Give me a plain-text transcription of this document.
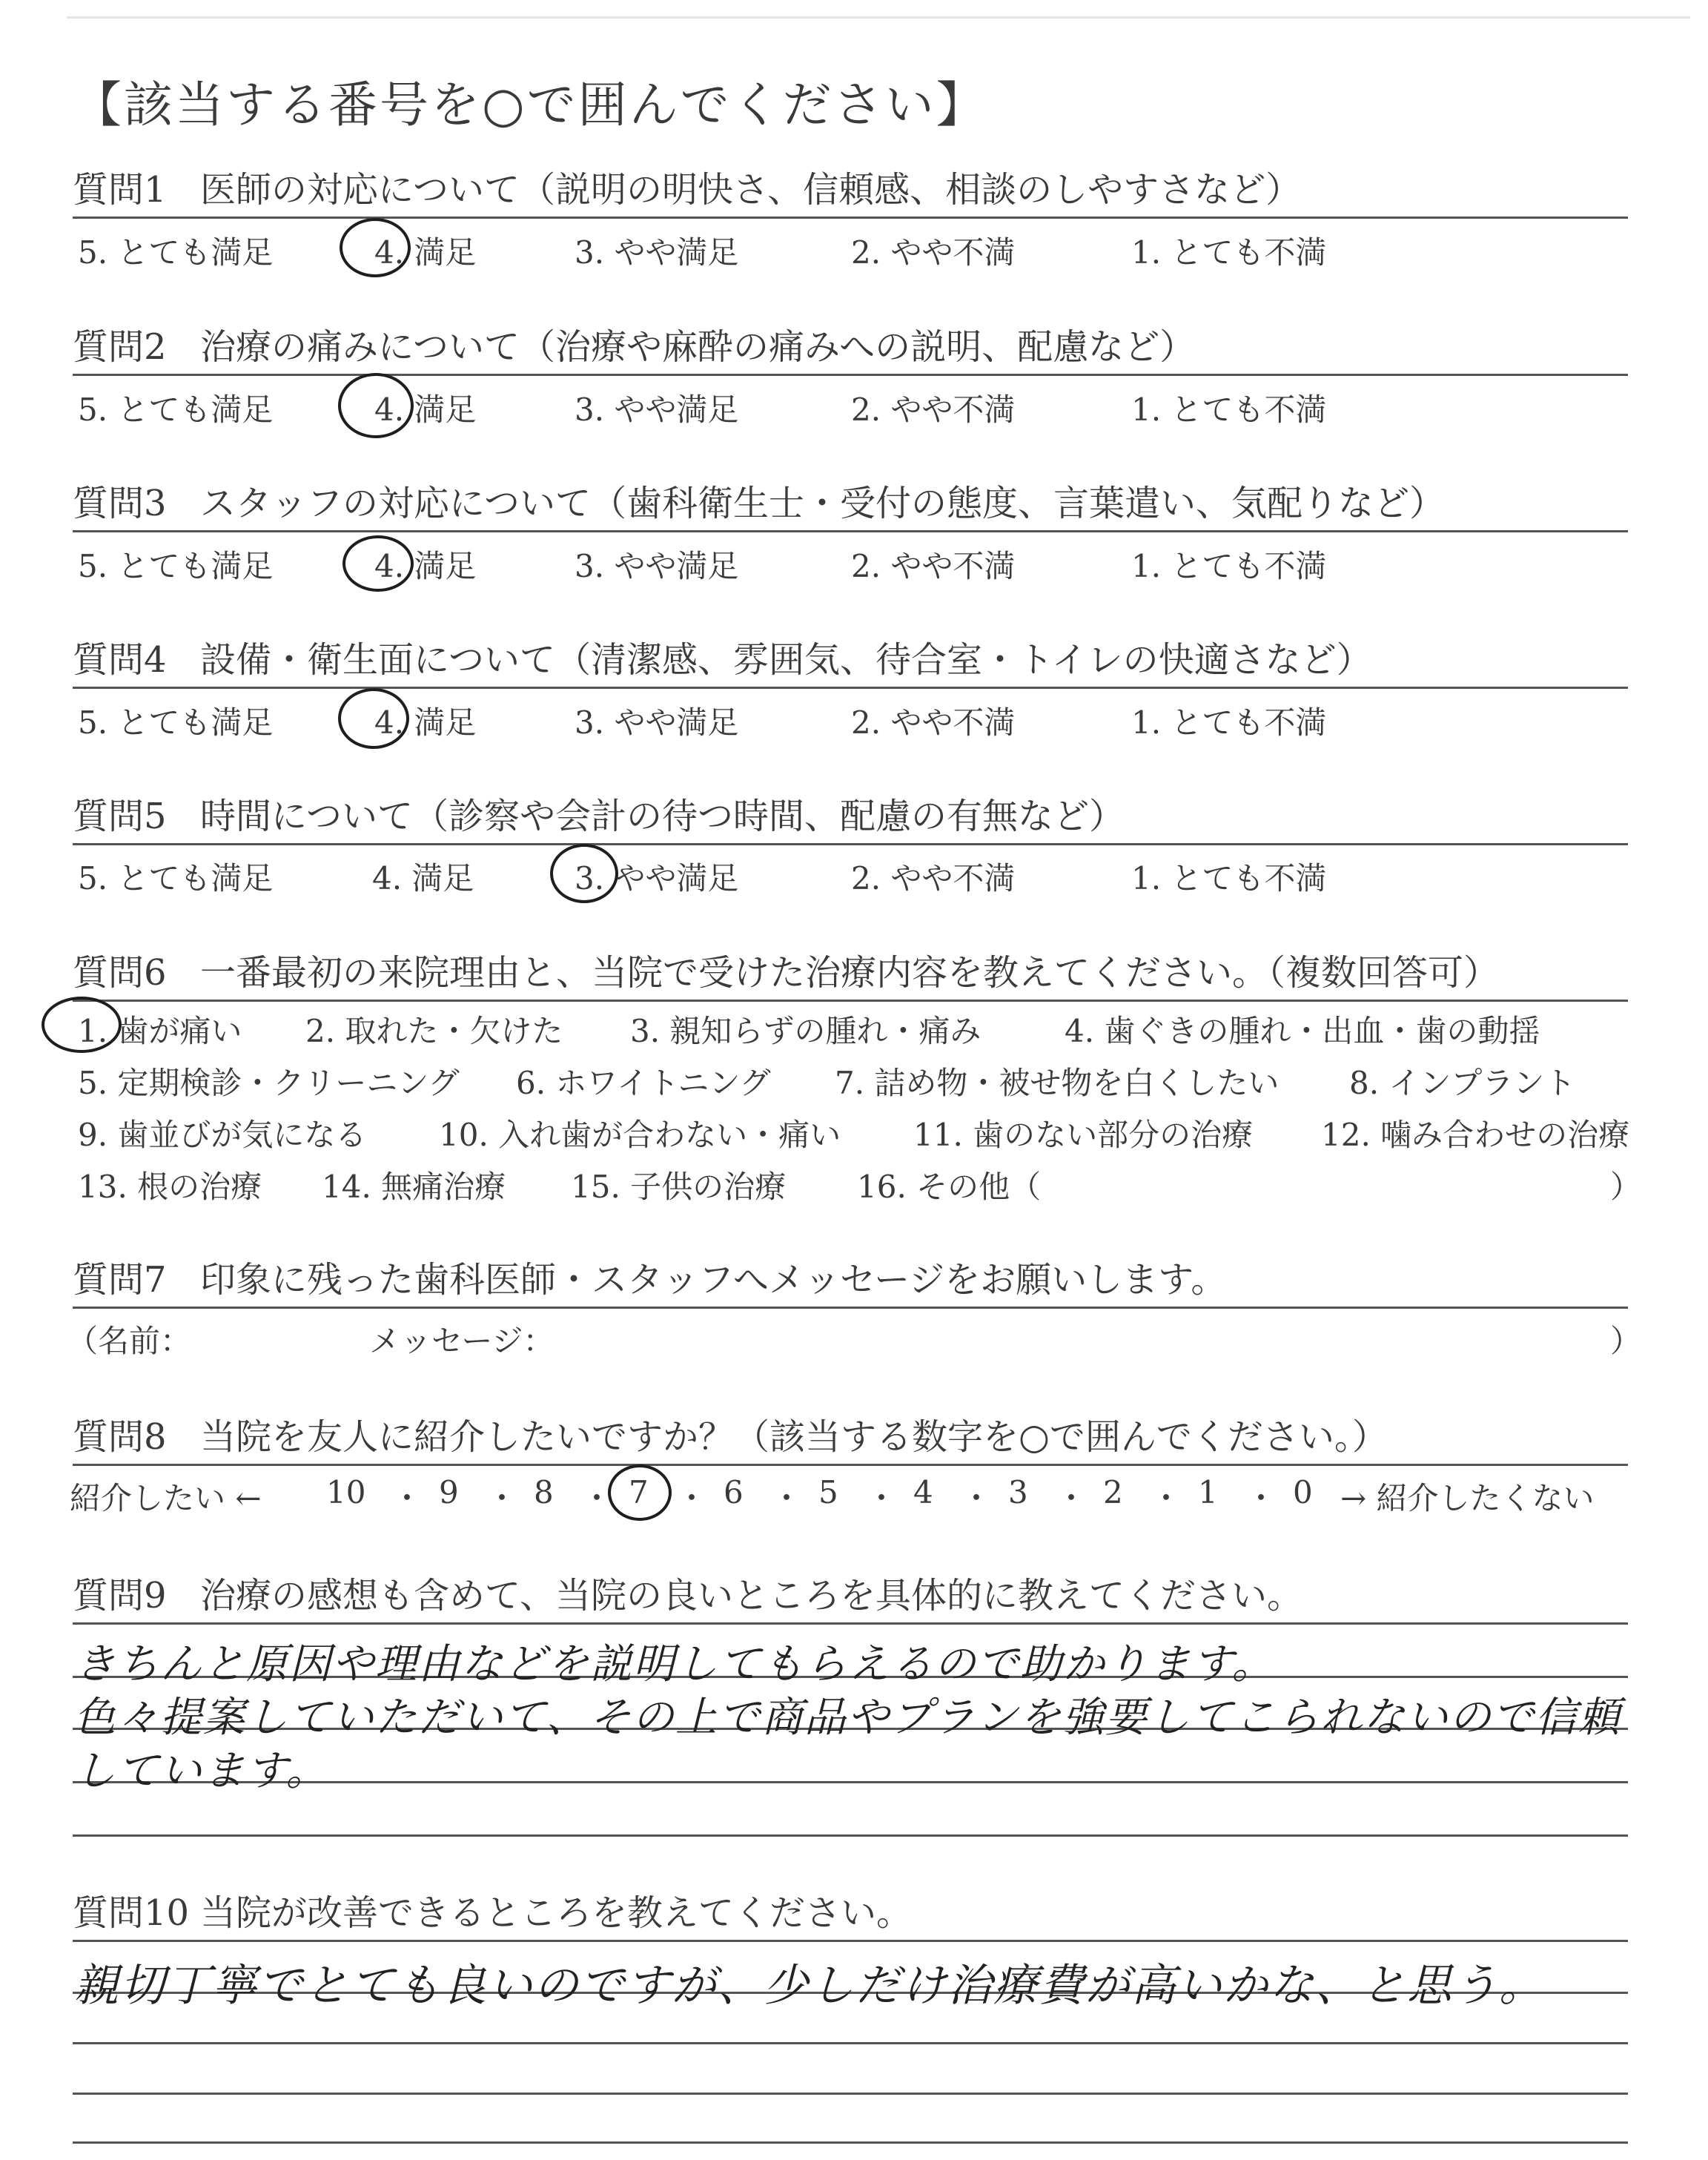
【該当する番号を○で囲んでください】
質問1 医師の対応について（説明の明快さ、信頼感、相談のしやすさなど）
5. とても満足	4. 満足	3. やや満足	2. やや不満	1. とても不満
質問2 治療の痛みについて（治療や麻酔の痛みへの説明、配慮など）
5. とても満足	4. 満足	3. やや満足	2. やや不満	1. とても不満
質問3 スタッフの対応について（歯科衛生士・受付の態度、言葉遣い、気配りなど）
5. とても満足	4. 満足	3. やや満足	2. やや不満	1. とても不満
質問4 設備・衛生面について（清潔感、雰囲気、待合室・トイレの快適さなど）
5. とても満足	4. 満足	3. やや満足	2. やや不満	1. とても不満
質問5 時間について（診察や会計の待つ時間、配慮の有無など）
5. とても満足	4. 満足	3. やや満足	2. やや不満	1. とても不満
質問6 一番最初の来院理由と、当院で受けた治療内容を教えてください。（複数回答可）
1. 歯が痛い 2. 取れた・欠けた 3. 親知らずの腫れ・痛み	4. 歯ぐきの腫れ・出血・歯の動揺
5. 定期検診・クリーニング 6. ホワイトニング 7. 詰め物・被せ物を白くしたい 8. インプラント
9. 歯並びが気になる 10. 入れ歯が合わない・痛い 11. 歯のない部分の治療 12. 噛み合わせの治療
13. 根の治療 14. 無痛治療 15. 子供の治療 16. その他（	）
質問7 印象に残った歯科医師・スタッフへメッセージをお願いします。
（名前：	メッセージ：	）
質問8 当院を友人に紹介したいですか？（該当する数字を○で囲んでください。）
紹介したい ← 10 ・ 9 ・ 8 ・ 7 ・ 6 ・ 5 ・ 4 ・ 3 ・ 2 ・ 1 ・ 0 → 紹介したくない
質問9 治療の感想も含めて、当院の良いところを具体的に教えてください。
きちんと原因や理由などを説明してもらえるので助かります。
色々提案していただいて、その上で商品やプランを強要してこられないので信頼
しています。
質問10 当院が改善できるところを教えてください。
親切丁寧でとても良いのですが、少しだけ治療費が高いかな、と思う。
